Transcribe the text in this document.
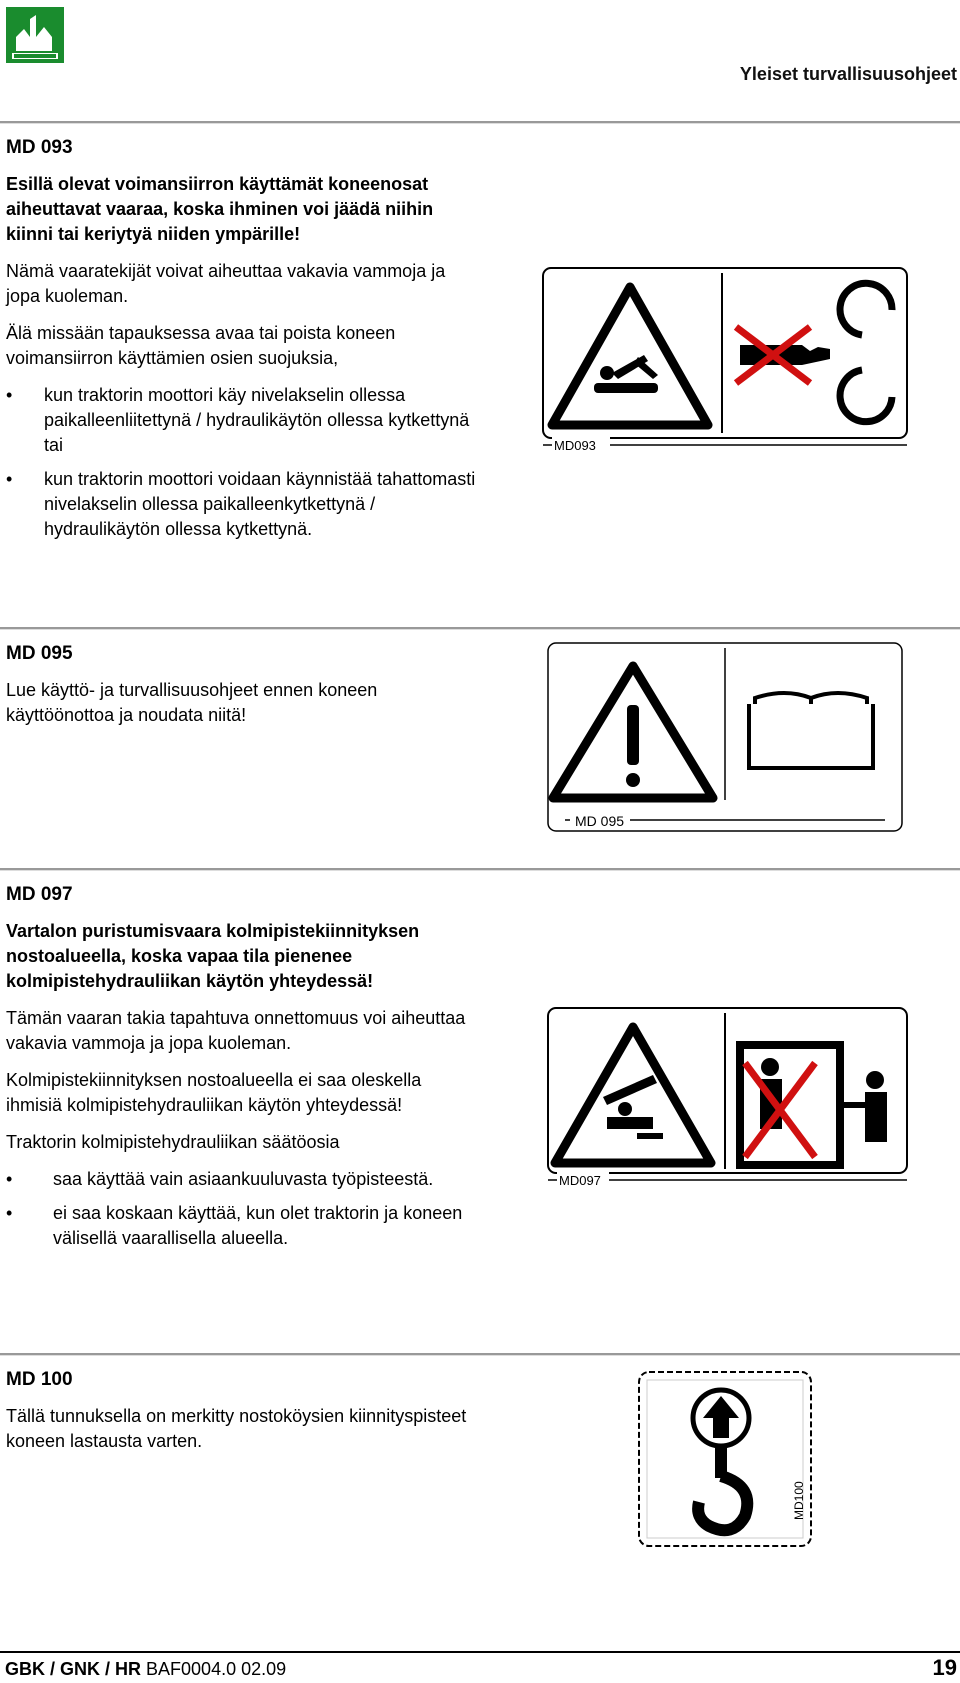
Yleiset turvallisuusohjeet
MD 093

Esillä olevat voimansiirron käyttämät koneenosat aiheuttavat vaaraa, koska ihminen voi jäädä niihin kiinni tai keriytyä niiden ympärille!

Nämä vaaratekijät voivat aiheuttaa vakavia vammoja ja jopa kuoleman.

Älä missään tapauksessa avaa tai poista koneen voimansiirron käyttämien osien suojuksia,

• kun traktorin moottori käy nivelakselin ollessa paikalleenliitettynä / hydraulikäytön ollessa kytkettynä tai
• kun traktorin moottori voidaan käynnistää tahattomasti nivelakselin ollessa paikalleenkytkettynä / hydraulikäytön ollessa kytkettynä.
MD093
MD 095

Lue käyttö- ja turvallisuusohjeet ennen koneen käyttöönottoa ja noudata niitä!

MD 095
MD 097

Vartalon puristumisvaara kolmipistekiinnityksen nostoalueella, koska vapaa tila pienenee kolmipistehydrauliikan käytön yhteydessä!

Tämän vaaran takia tapahtuva onnettomuus voi aiheuttaa vakavia vammoja ja jopa kuoleman.

Kolmipistekiinnityksen nostoalueella ei saa oleskella ihmisiä kolmipistehydrauliikan käytön yhteydessä!

Traktorin kolmipistehydrauliikan säätöosia

• saa käyttää vain asiaankuuluvasta työpisteestä.
• ei saa koskaan käyttää, kun olet traktorin ja koneen välisellä vaarallisella alueella.
MD097
MD 100

Tällä tunnuksella on merkitty nostoköysien kiinnityspisteet koneen lastausta varten.

MD100
GBK / GNK / HR BAF0004.0 02.09	19
